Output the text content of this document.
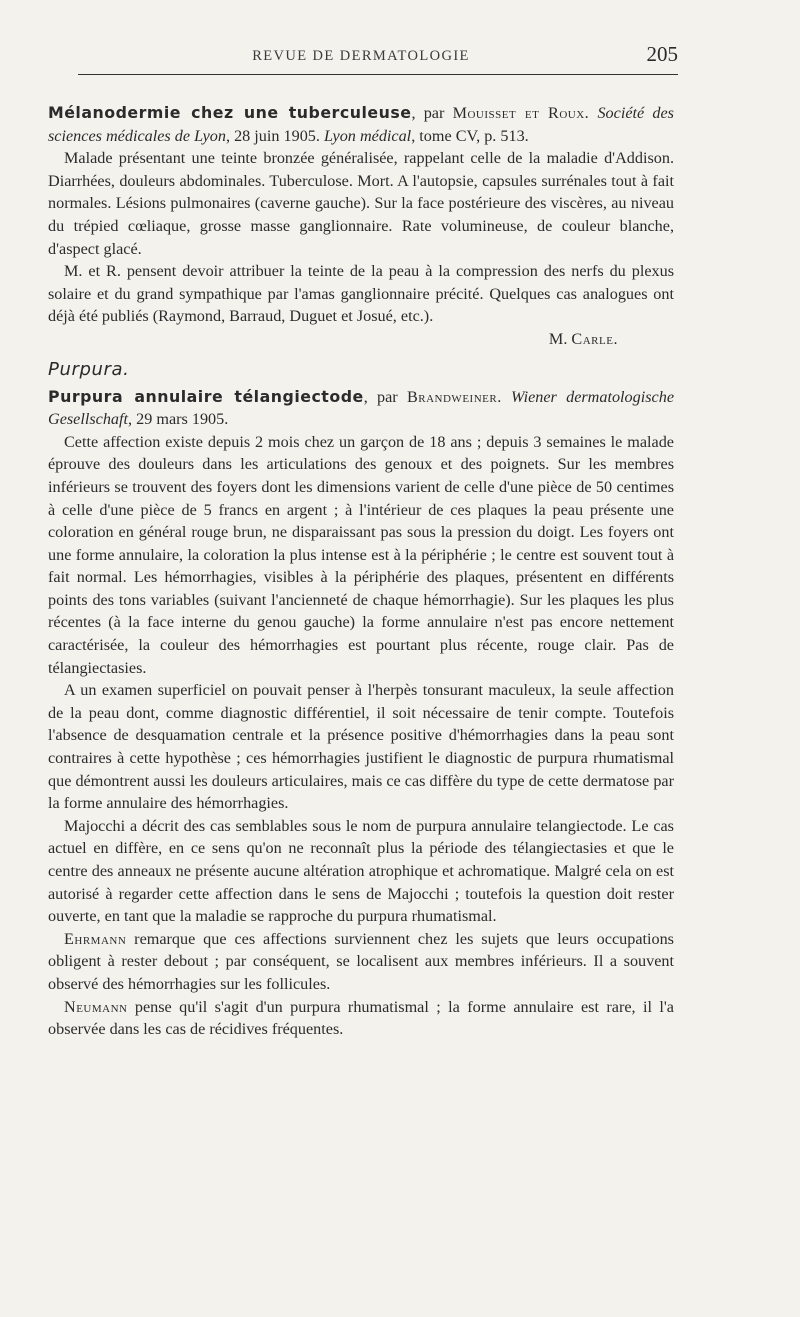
REVUE DE DERMATOLOGIE	205

Mélanodermie chez une tuberculeuse, par Mouisset et Roux. Société des sciences médicales de Lyon, 28 juin 1905. Lyon médical, tome CV, p. 513.

Malade présentant une teinte bronzée généralisée, rappelant celle de la maladie d'Addison. Diarrhées, douleurs abdominales. Tuberculose. Mort. A l'autopsie, capsules surrénales tout à fait normales. Lésions pulmonaires (caverne gauche). Sur la face postérieure des viscères, au niveau du trépied cœliaque, grosse masse ganglionnaire. Rate volumineuse, de couleur blanche, d'aspect glacé.

M. et R. pensent devoir attribuer la teinte de la peau à la compression des nerfs du plexus solaire et du grand sympathique par l'amas ganglionnaire précité. Quelques cas analogues ont déjà été publiés (Raymond, Barraud, Duguet et Josué, etc.).

M. Carle.

Purpura.

Purpura annulaire télangiectode, par Brandweiner. Wiener dermatologische Gesellschaft, 29 mars 1905.

Cette affection existe depuis 2 mois chez un garçon de 18 ans ; depuis 3 semaines le malade éprouve des douleurs dans les articulations des genoux et des poignets. Sur les membres inférieurs se trouvent des foyers dont les dimensions varient de celle d'une pièce de 50 centimes à celle d'une pièce de 5 francs en argent ; à l'intérieur de ces plaques la peau présente une coloration en général rouge brun, ne disparaissant pas sous la pression du doigt. Les foyers ont une forme annulaire, la coloration la plus intense est à la périphérie ; le centre est souvent tout à fait normal. Les hémorrhagies, visibles à la périphérie des plaques, présentent en différents points des tons variables (suivant l'ancienneté de chaque hémorrhagie). Sur les plaques les plus récentes (à la face interne du genou gauche) la forme annulaire n'est pas encore nettement caractérisée, la couleur des hémorrhagies est pourtant plus récente, rouge clair. Pas de télangiectasies.

A un examen superficiel on pouvait penser à l'herpès tonsurant maculeux, la seule affection de la peau dont, comme diagnostic différentiel, il soit nécessaire de tenir compte. Toutefois l'absence de desquamation centrale et la présence positive d'hémorrhagies dans la peau sont contraires à cette hypothèse ; ces hémorrhagies justifient le diagnostic de purpura rhumatismal que démontrent aussi les douleurs articulaires, mais ce cas diffère du type de cette dermatose par la forme annulaire des hémorrhagies.

Majocchi a décrit des cas semblables sous le nom de purpura annulaire telangiectode. Le cas actuel en diffère, en ce sens qu'on ne reconnaît plus la période des télangiectasies et que le centre des anneaux ne présente aucune altération atrophique et achromatique. Malgré cela on est autorisé à regarder cette affection dans le sens de Majocchi ; toutefois la question doit rester ouverte, en tant que la maladie se rapproche du purpura rhumatismal.

Ehrmann remarque que ces affections surviennent chez les sujets que leurs occupations obligent à rester debout ; par conséquent, se localisent aux membres inférieurs. Il a souvent observé des hémorrhagies sur les follicules.

Neumann pense qu'il s'agit d'un purpura rhumatismal ; la forme annulaire est rare, il l'a observée dans les cas de récidives fréquentes.
